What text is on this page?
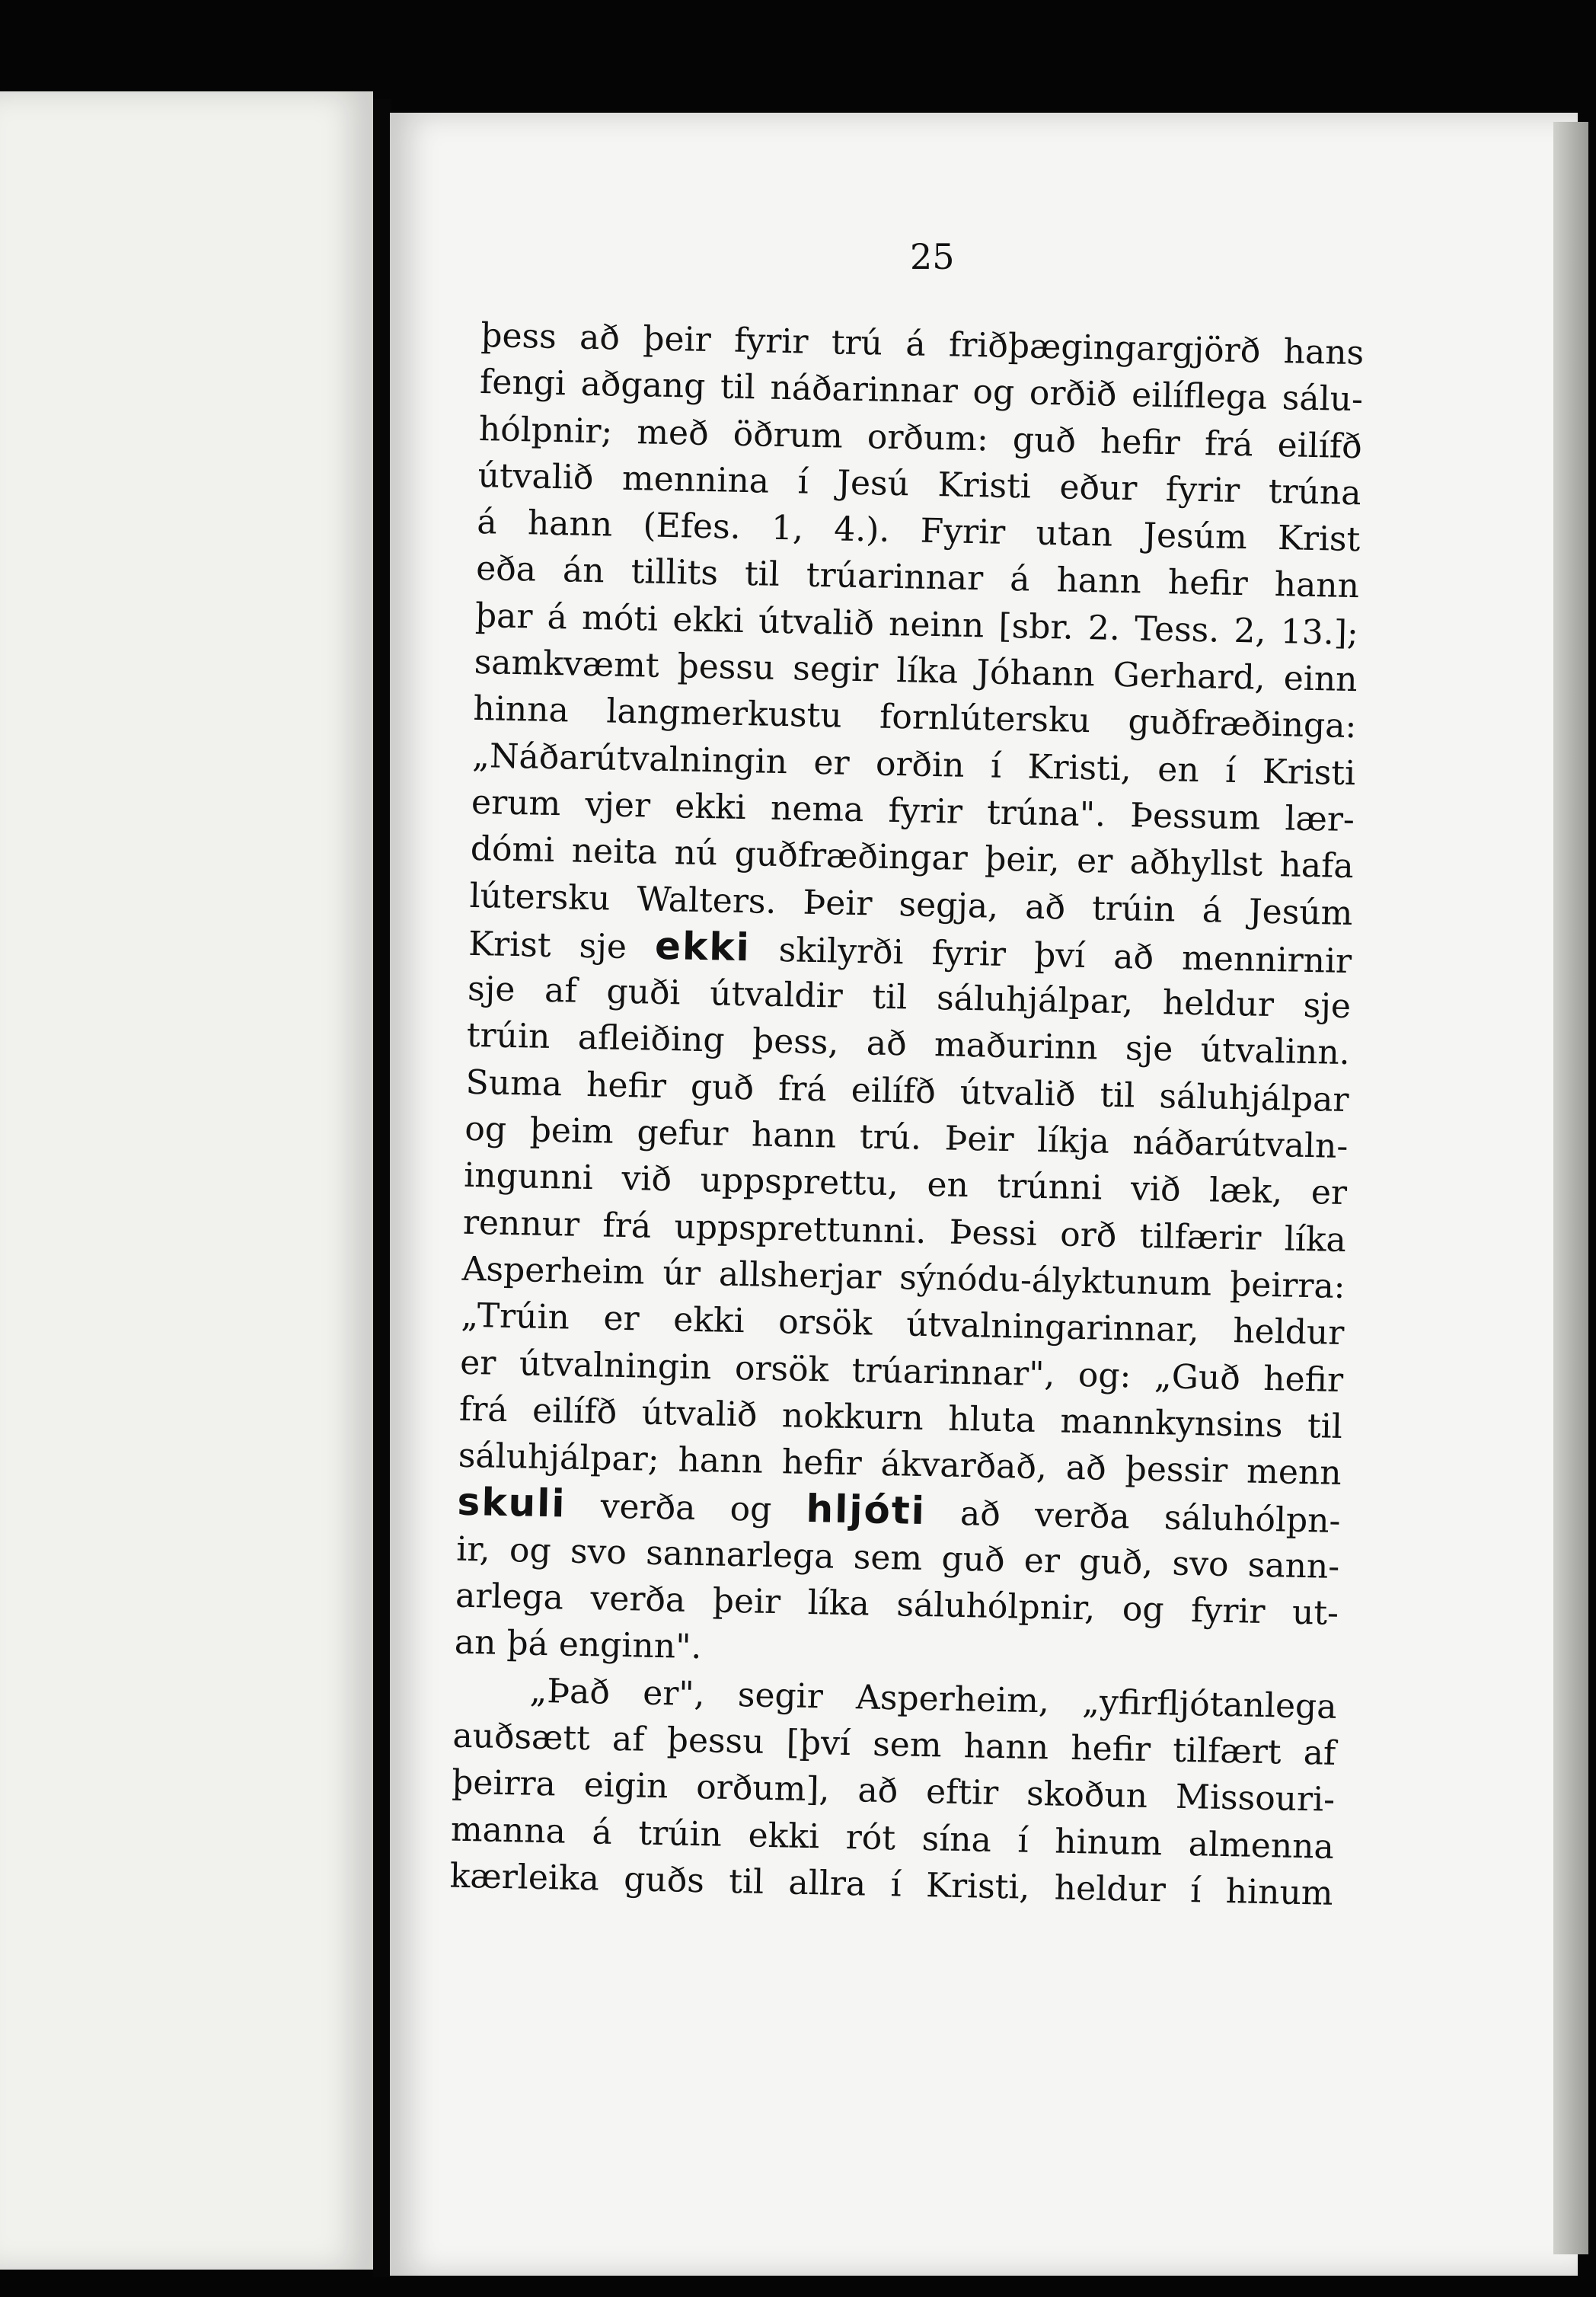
25
þess að þeir fyrir trú á friðþægingargjörð hans
fengi aðgang til náðarinnar og orðið eilíflega sálu-
hólpnir; með öðrum orðum: guð hefir frá eilífð
útvalið mennina í Jesú Kristi eður fyrir trúna
á hann (Efes. 1, 4.). Fyrir utan Jesúm Krist
eða án tillits til trúarinnar á hann hefir hann
þar á móti ekki útvalið neinn [sbr. 2. Tess. 2, 13.];
samkvæmt þessu segir líka Jóhann Gerhard, einn
hinna langmerkustu fornlútersku guðfræðinga:
„Náðarútvalningin er orðin í Kristi, en í Kristi
erum vjer ekki nema fyrir trúna". Þessum lær-
dómi neita nú guðfræðingar þeir, er aðhyllst hafa
lútersku Walters. Þeir segja, að trúin á Jesúm
Krist sje ekki skilyrði fyrir því að mennirnir
sje af guði útvaldir til sáluhjálpar, heldur sje
trúin afleiðing þess, að maðurinn sje útvalinn.
Suma hefir guð frá eilífð útvalið til sáluhjálpar
og þeim gefur hann trú. Þeir líkja náðarútvaln-
ingunni við uppsprettu, en trúnni við læk, er
rennur frá uppsprettunni. Þessi orð tilfærir líka
Asperheim úr allsherjar sýnódu-ályktunum þeirra:
„Trúin er ekki orsök útvalningarinnar, heldur
er útvalningin orsök trúarinnar", og: „Guð hefir
frá eilífð útvalið nokkurn hluta mannkynsins til
sáluhjálpar; hann hefir ákvarðað, að þessir menn
skuli verða og hljóti að verða sáluhólpn-
ir, og svo sannarlega sem guð er guð, svo sann-
arlega verða þeir líka sáluhólpnir, og fyrir ut-
an þá enginn".
„Það er", segir Asperheim, „yfirfljótanlega
auðsætt af þessu [því sem hann hefir tilfært af
þeirra eigin orðum], að eftir skoðun Missouri-
manna á trúin ekki rót sína í hinum almenna
kærleika guðs til allra í Kristi, heldur í hinum
